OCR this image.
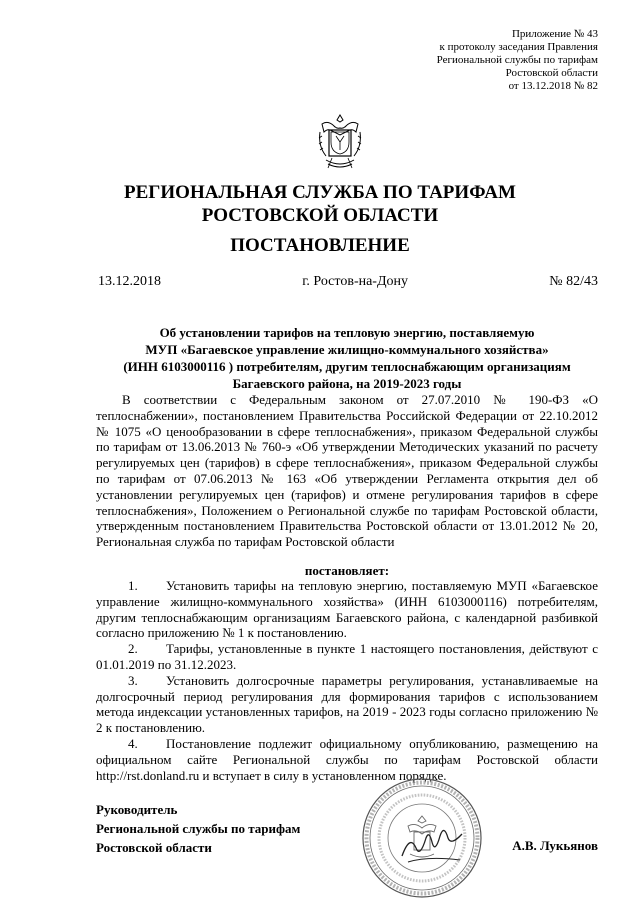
Приложение № 43
к протоколу заседания Правления
Региональной службы по тарифам
Ростовской области
от 13.12.2018 № 82
РЕГИОНАЛЬНАЯ СЛУЖБА ПО ТАРИФАМ
РОСТОВСКОЙ ОБЛАСТИ
ПОСТАНОВЛЕНИЕ
13.12.2018	г. Ростов-на-Дону	№ 82/43
Об установлении тарифов на тепловую энергию, поставляемую
МУП «Багаевское управление жилищно-коммунального хозяйства»
(ИНН 6103000116 ) потребителям, другим теплоснабжающим организациям
Багаевского района, на 2019-2023 годы

В соответствии с Федеральным законом от 27.07.2010 № 190-ФЗ «О теплоснабжении», постановлением Правительства Российской Федерации от 22.10.2012 № 1075 «О ценообразовании в сфере теплоснабжения», приказом Федеральной службы по тарифам от 13.06.2013 № 760-э «Об утверждении Методических указаний по расчету регулируемых цен (тарифов) в сфере теплоснабжения», приказом Федеральной службы по тарифам от 07.06.2013 № 163 «Об утверждении Регламента открытия дел об установлении регулируемых цен (тарифов) и отмене регулирования тарифов в сфере теплоснабжения», Положением о Региональной службе по тарифам Ростовской области, утвержденным постановлением Правительства Ростовской области от 13.01.2012 № 20, Региональная служба по тарифам Ростовской области

постановляет:

1. Установить тарифы на тепловую энергию, поставляемую МУП «Багаевское управление жилищно-коммунального хозяйства» (ИНН 6103000116) потребителям, другим теплоснабжающим организациям Багаевского района, с календарной разбивкой согласно приложению № 1 к постановлению.

2. Тарифы, установленные в пункте 1 настоящего постановления, действуют с 01.01.2019 по 31.12.2023.

3. Установить долгосрочные параметры регулирования, устанавливаемые на долгосрочный период регулирования для формирования тарифов с использованием метода индексации установленных тарифов, на 2019 - 2023 годы согласно приложению № 2 к постановлению.

4. Постановление подлежит официальному опубликованию, размещению на официальном сайте Региональной службы по тарифам Ростовской области http://rst.donland.ru и вступает в силу в установленном порядке.

Руководитель
Региональной службы по тарифам
Ростовской области	А.В. Лукьянов
